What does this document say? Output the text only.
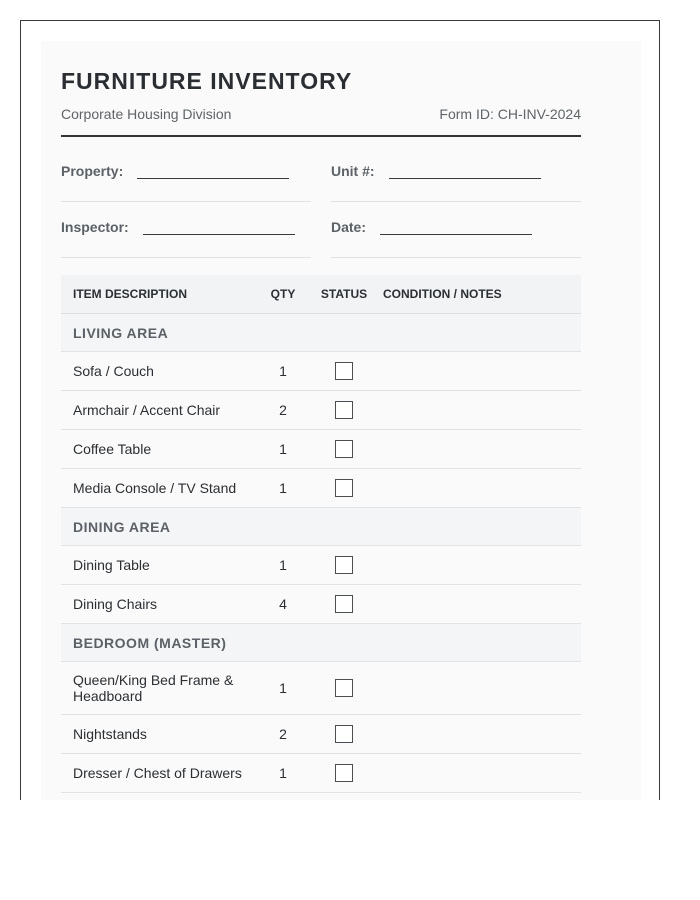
FURNITURE INVENTORY
Corporate Housing Division	Form ID: CH-INV-2024
Property:	Unit #:
Inspector:	Date:
ITEM DESCRIPTION	QTY	STATUS	CONDITION / NOTES
LIVING AREA
Sofa / Couch	1
Armchair / Accent Chair	2
Coffee Table	1
Media Console / TV Stand	1
DINING AREA
Dining Table	1
Dining Chairs	4
BEDROOM (MASTER)
Queen/King Bed Frame & Headboard	1
Nightstands	2
Dresser / Chest of Drawers	1
